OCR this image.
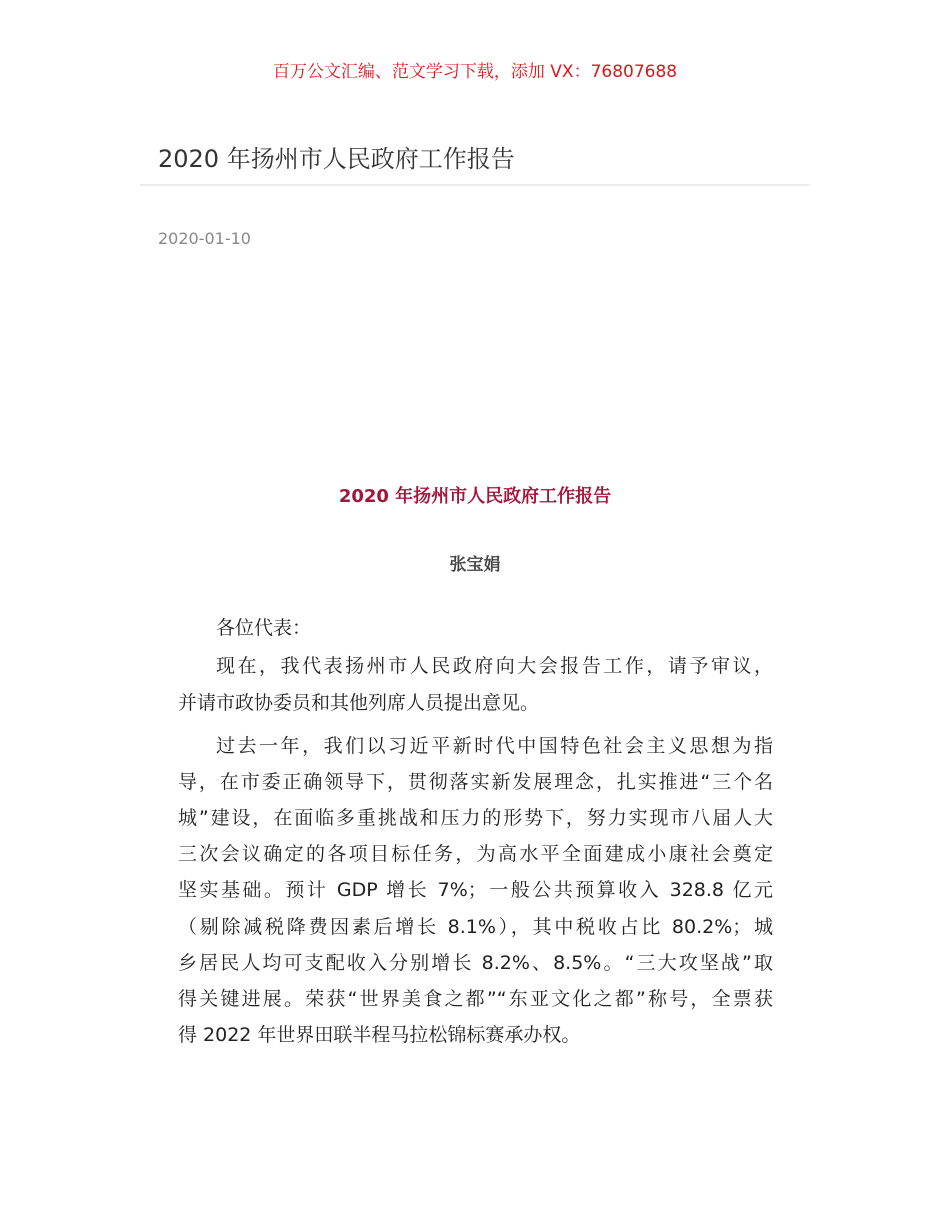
百万公文汇编、范文学习下载，添加 VX：76807688
2020 年扬州市人民政府工作报告
2020-01-10
2020 年扬州市人民政府工作报告
张宝娟
各位代表：
现在，我代表扬州市人民政府向大会报告工作，请予审议，
并请市政协委员和其他列席人员提出意见。
过去一年，我们以习近平新时代中国特色社会主义思想为指
导，在市委正确领导下，贯彻落实新发展理念，扎实推进“三个名
城”建设，在面临多重挑战和压力的形势下，努力实现市八届人大
三次会议确定的各项目标任务，为高水平全面建成小康社会奠定
坚实基础。预计 GDP 增长 7%；一般公共预算收入 328.8 亿元
（剔除减税降费因素后增长 8.1%），其中税收占比 80.2%；城
乡居民人均可支配收入分别增长 8.2%、8.5%。“三大攻坚战”取
得关键进展。荣获“世界美食之都”“东亚文化之都”称号，全票获
得 2022 年世界田联半程马拉松锦标赛承办权。
